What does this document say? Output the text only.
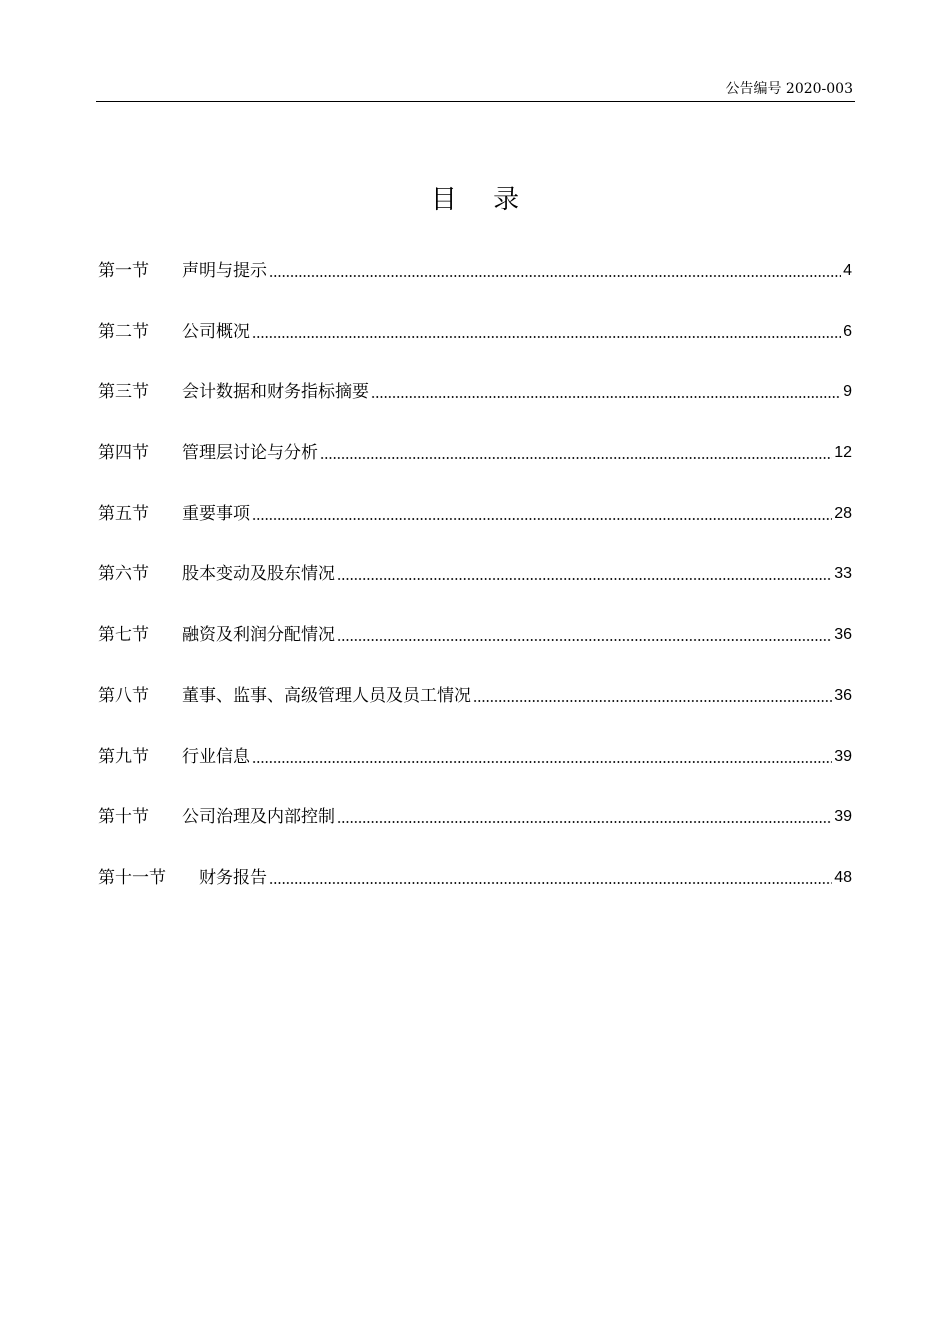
公告编号 2020-003
目 录
第一节	声明与提示	4
第二节	公司概况	6
第三节	会计数据和财务指标摘要	9
第四节	管理层讨论与分析	12
第五节	重要事项	28
第六节	股本变动及股东情况	33
第七节	融资及利润分配情况	36
第八节	董事、监事、高级管理人员及员工情况	36
第九节	行业信息	39
第十节	公司治理及内部控制	39
第十一节	财务报告	48
